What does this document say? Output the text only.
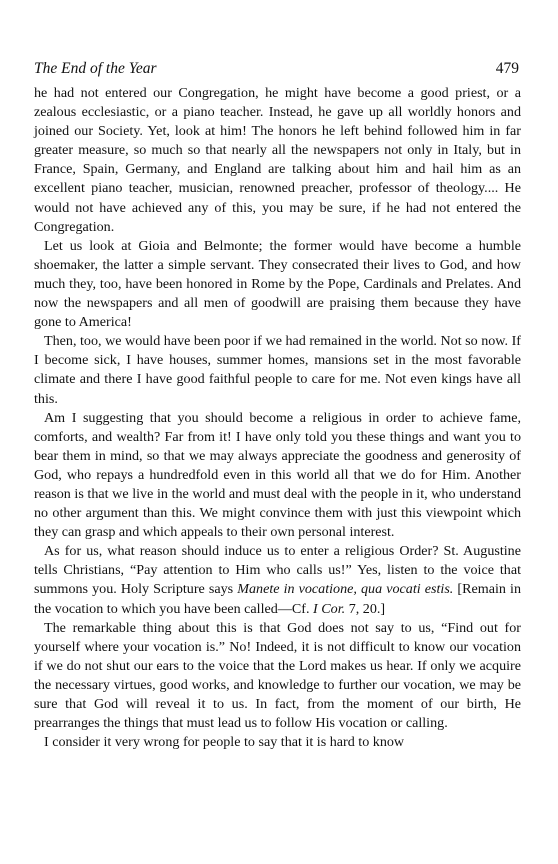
The End of the Year	479

he had not entered our Congregation, he might have become a good priest, or a zealous ecclesiastic, or a piano teacher. Instead, he gave up all worldly honors and joined our Society. Yet, look at him! The honors he left behind followed him in far greater measure, so much so that nearly all the newspapers not only in Italy, but in France, Spain, Germany, and England are talking about him and hail him as an excellent piano teacher, musician, renowned preacher, professor of theology.... He would not have achieved any of this, you may be sure, if he had not entered the Congregation.

Let us look at Gioia and Belmonte; the former would have become a humble shoemaker, the latter a simple servant. They consecrated their lives to God, and how much they, too, have been honored in Rome by the Pope, Cardinals and Prelates. And now the newspapers and all men of goodwill are praising them because they have gone to America!

Then, too, we would have been poor if we had remained in the world. Not so now. If I become sick, I have houses, summer homes, mansions set in the most favorable climate and there I have good faithful people to care for me. Not even kings have all this.

Am I suggesting that you should become a religious in order to achieve fame, comforts, and wealth? Far from it! I have only told you these things and want you to bear them in mind, so that we may always appreciate the goodness and generosity of God, who repays a hundredfold even in this world all that we do for Him. Another reason is that we live in the world and must deal with the people in it, who understand no other argument than this. We might convince them with just this viewpoint which they can grasp and which appeals to their own personal interest.

As for us, what reason should induce us to enter a religious Order? St. Augustine tells Christians, “Pay attention to Him who calls us!” Yes, listen to the voice that summons you. Holy Scripture says Manete in vocatione, qua vocati estis. [Remain in the vocation to which you have been called—Cf. I Cor. 7, 20.]

The remarkable thing about this is that God does not say to us, “Find out for yourself where your vocation is.” No! Indeed, it is not difficult to know our vocation if we do not shut our ears to the voice that the Lord makes us hear. If only we acquire the necessary virtues, good works, and knowledge to further our vocation, we may be sure that God will reveal it to us. In fact, from the moment of our birth, He prearranges the things that must lead us to follow His vocation or calling.

I consider it very wrong for people to say that it is hard to know
